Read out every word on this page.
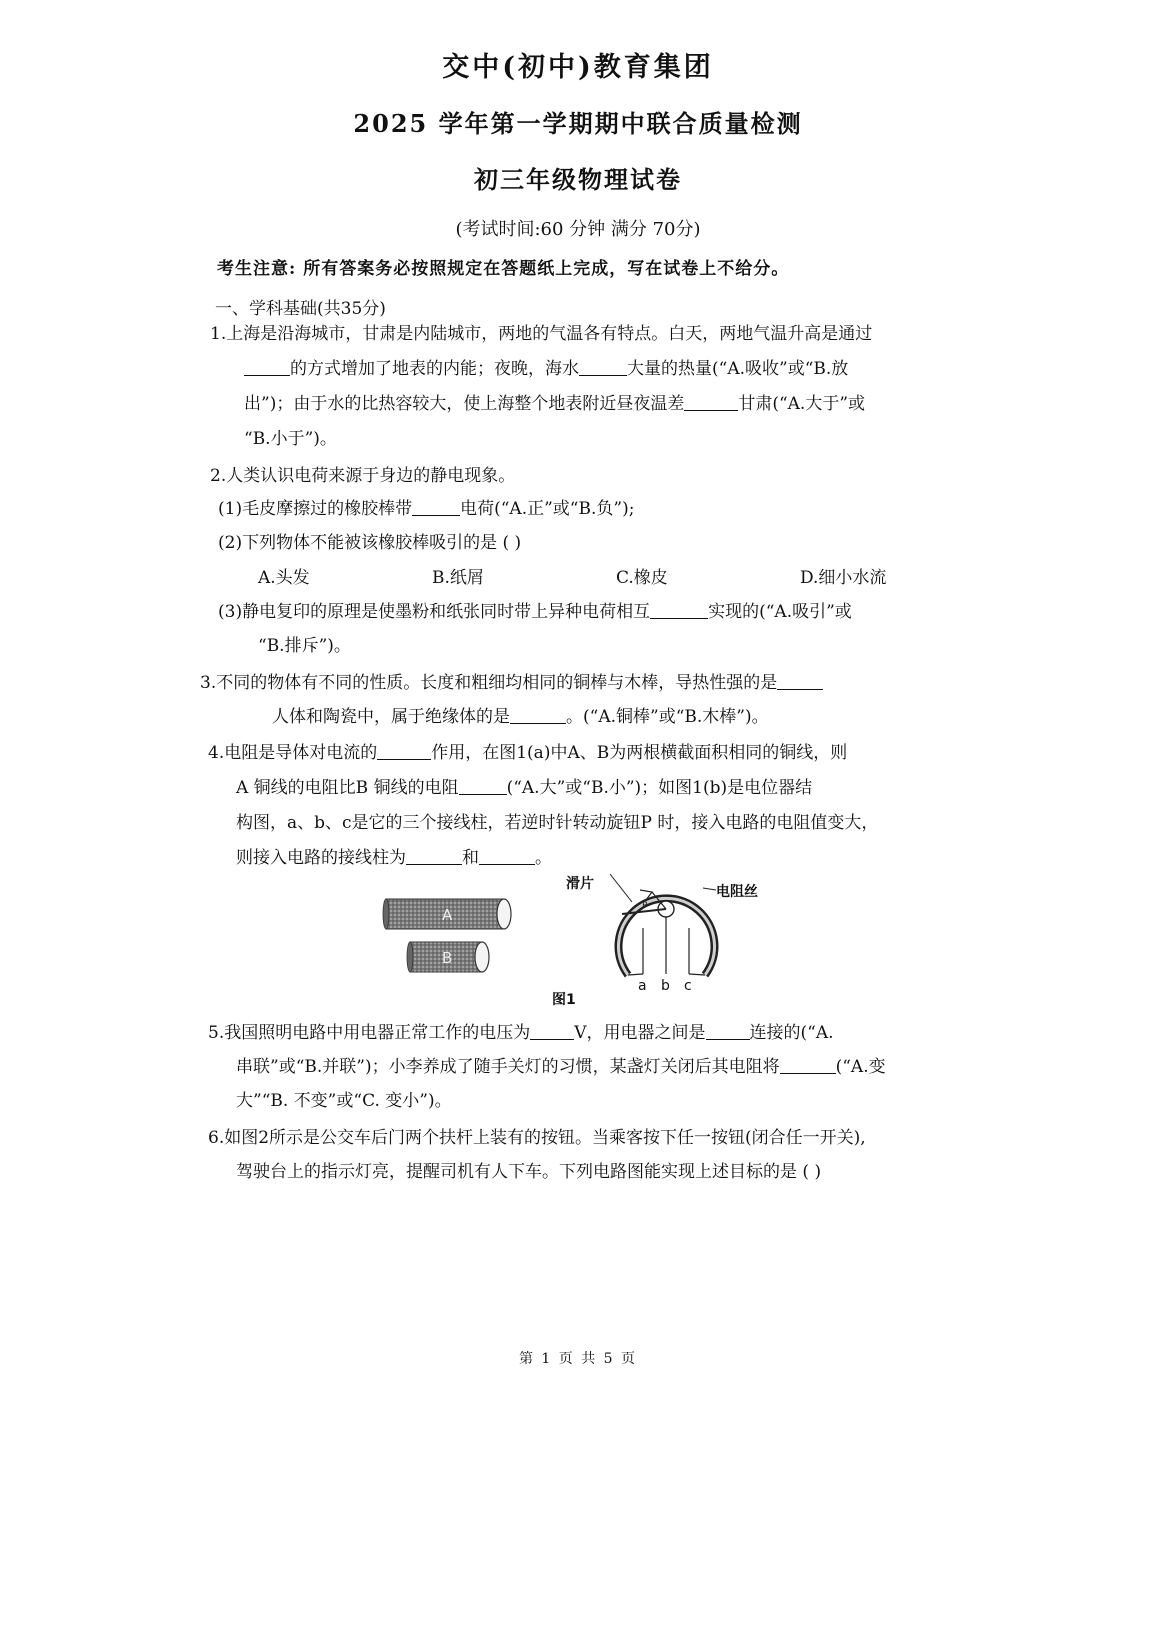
交中(初中)教育集团
2025 学年第一学期期中联合质量检测
初三年级物理试卷
(考试时间:60 分钟 满分 70分)
考生注意: 所有答案务必按照规定在答题纸上完成，写在试卷上不给分。
一、学科基础(共35分)
1.上海是沿海城市，甘肃是内陆城市，两地的气温各有特点。白天，两地气温升高是通过
的方式增加了地表的内能；夜晚，海水	大量的热量(“A.吸收”或“B.放
出”)；由于水的比热容较大，使上海整个地表附近昼夜温差	甘肃(“A.大于”或
“B.小于”)。
2.人类认识电荷来源于身边的静电现象。
(1)毛皮摩擦过的橡胶棒带	电荷(“A.正”或“B.负”);
(2)下列物体不能被该橡胶棒吸引的是 ( )
A.头发	B.纸屑	C.橡皮	D.细小水流
(3)静电复印的原理是使墨粉和纸张同时带上异种电荷相互	实现的(“A.吸引”或
“B.排斥”)。
3.不同的物体有不同的性质。长度和粗细均相同的铜棒与木棒，导热性强的是
人体和陶瓷中，属于绝缘体的是	。(“A.铜棒”或“B.木棒”)。
4.电阻是导体对电流的	作用，在图1(a)中A、B为两根横截面积相同的铜线，则
A 铜线的电阻比B 铜线的电阻	(“A.大”或“B.小”)；如图1(b)是电位器结
构图，a、b、c是它的三个接线柱，若逆时针转动旋钮P 时，接入电路的电阻值变大，
则接入电路的接线柱为	和	。
A
B
P
滑片	电阻丝
a b c
图1
5.我国照明电路中用电器正常工作的电压为	V，用电器之间是	连接的(“A.
串联”或“B.并联”)；小李养成了随手关灯的习惯，某盏灯关闭后其电阻将	(“A.变
大”“B. 不变”或“C. 变小”)。
6.如图2所示是公交车后门两个扶杆上装有的按钮。当乘客按下任一按钮(闭合任一开关),
驾驶台上的指示灯亮，提醒司机有人下车。下列电路图能实现上述目标的是 ( )
第 1 页 共 5 页
